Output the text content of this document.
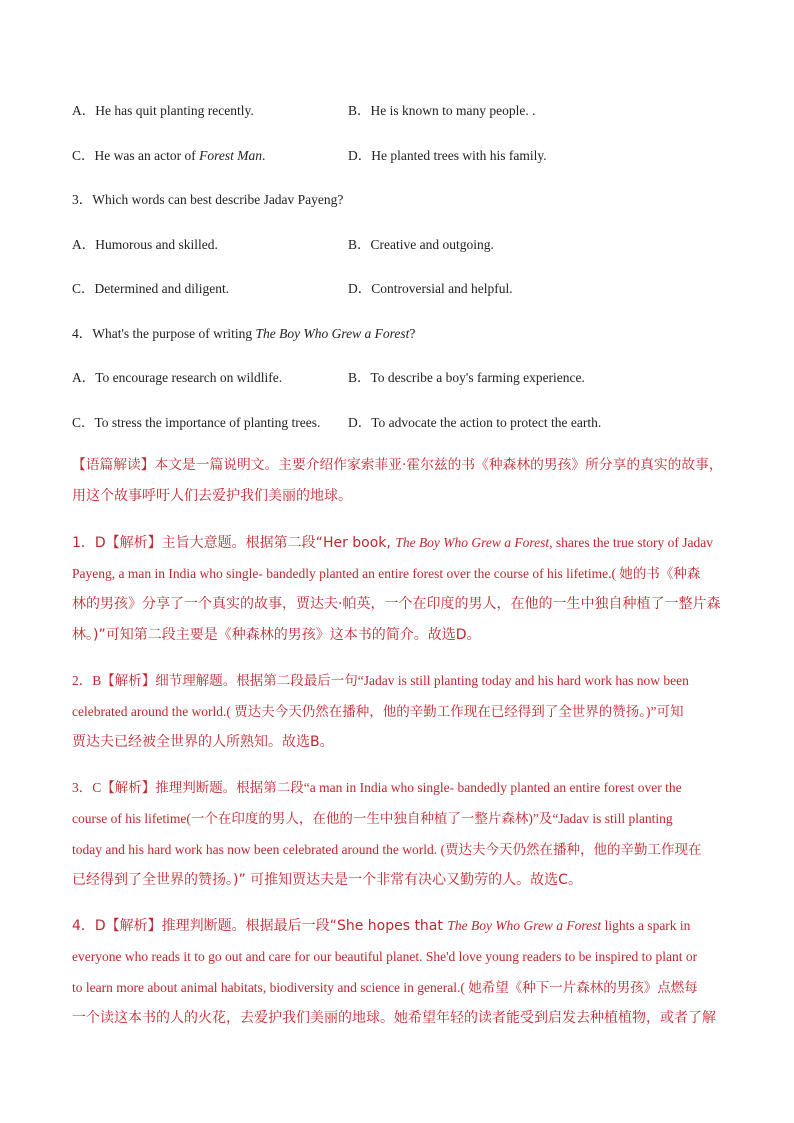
A．He has quit planting recently.	B．He is known to many people. .
C．He was an actor of Forest Man.	D．He planted trees with his family.
3．Which words can best describe Jadav Payeng?
A．Humorous and skilled.	B．Creative and outgoing.
C．Determined and diligent.	D．Controversial and helpful.
4．What's the purpose of writing The Boy Who Grew a Forest?
A．To encourage research on wildlife.	B．To describe a boy's farming experience.
C．To stress the importance of planting trees. D．To advocate the action to protect the earth.
【语篇解读】本文是一篇说明文。主要介绍作家索菲亚·霍尔兹的书《种森林的男孩》所分享的真实的故事，
用这个故事呼吁人们去爱护我们美丽的地球。
1．D【解析】主旨大意题。根据第二段“Her book, The Boy Who Grew a Forest, shares the true story of Jadav
Payeng, a man in India who single- bandedly planted an entire forest over the course of his lifetime.( 她的书《种森
林的男孩》分享了一个真实的故事，贾达夫·帕英，一个在印度的男人，在他的一生中独自种植了一整片森
林。)”可知第二段主要是《种森林的男孩》这本书的简介。故选D。
2．B【解析】细节理解题。根据第二段最后一句“Jadav is still planting today and his hard work has now been
celebrated around the world.( 贾达夫今天仍然在播种，他的辛勤工作现在已经得到了全世界的赞扬。)”可知
贾达夫已经被全世界的人所熟知。故选B。
3．C【解析】推理判断题。根据第二段“a man in India who single- bandedly planted an entire forest over the
course of his lifetime(一个在印度的男人，在他的一生中独自种植了一整片森林)”及“Jadav is still planting
today and his hard work has now been celebrated around the world. (贾达夫今天仍然在播种，他的辛勤工作现在
已经得到了全世界的赞扬。)” 可推知贾达夫是一个非常有决心又勤劳的人。故选C。
4．D【解析】推理判断题。根据最后一段“She hopes that The Boy Who Grew a Forest lights a spark in
everyone who reads it to go out and care for our beautiful planet. She'd love young readers to be inspired to plant or
to learn more about animal habitats, biodiversity and science in general.( 她希望《种下一片森林的男孩》点燃每
一个读这本书的人的火花，去爱护我们美丽的地球。她希望年轻的读者能受到启发去种植植物，或者了解
